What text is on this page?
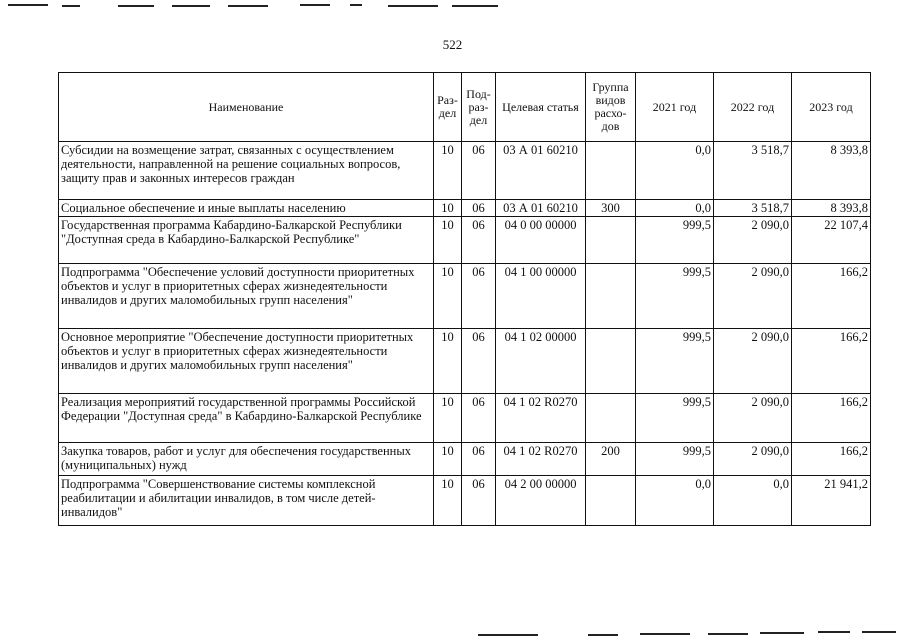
522
Наименование	Раз-дел	Под-раз-дел	Целевая статья	Группа видов расхо-дов	2021 год	2022 год	2023 год
Субсидии на возмещение затрат, связанных с осуществлением деятельности, направленной на решение социальных вопросов, защиту прав и законных интересов граждан	10	06	03 А 01 60210		0,0	3 518,7	8 393,8
Социальное обеспечение и иные выплаты населению	10	06	03 А 01 60210	300	0,0	3 518,7	8 393,8
Государственная программа Кабардино-Балкарской Республики "Доступная среда в Кабардино-Балкарской Республике"	10	06	04 0 00 00000		999,5	2 090,0	22 107,4
Подпрограмма "Обеспечение условий доступности приоритетных объектов и услуг в приоритетных сферах жизнедеятельности инвалидов и других маломобильных групп населения"	10	06	04 1 00 00000		999,5	2 090,0	166,2
Основное мероприятие "Обеспечение доступности приоритетных объектов и услуг в приоритетных сферах жизнедеятельности инвалидов и других маломобильных групп населения"	10	06	04 1 02 00000		999,5	2 090,0	166,2
Реализация мероприятий государственной программы Российской Федерации "Доступная среда" в Кабардино-Балкарской Республике	10	06	04 1 02 R0270		999,5	2 090,0	166,2
Закупка товаров, работ и услуг для обеспечения государственных (муниципальных) нужд	10	06	04 1 02 R0270	200	999,5	2 090,0	166,2
Подпрограмма "Совершенствование системы комплексной реабилитации и абилитации инвалидов, в том числе детей-инвалидов"	10	06	04 2 00 00000		0,0	0,0	21 941,2
